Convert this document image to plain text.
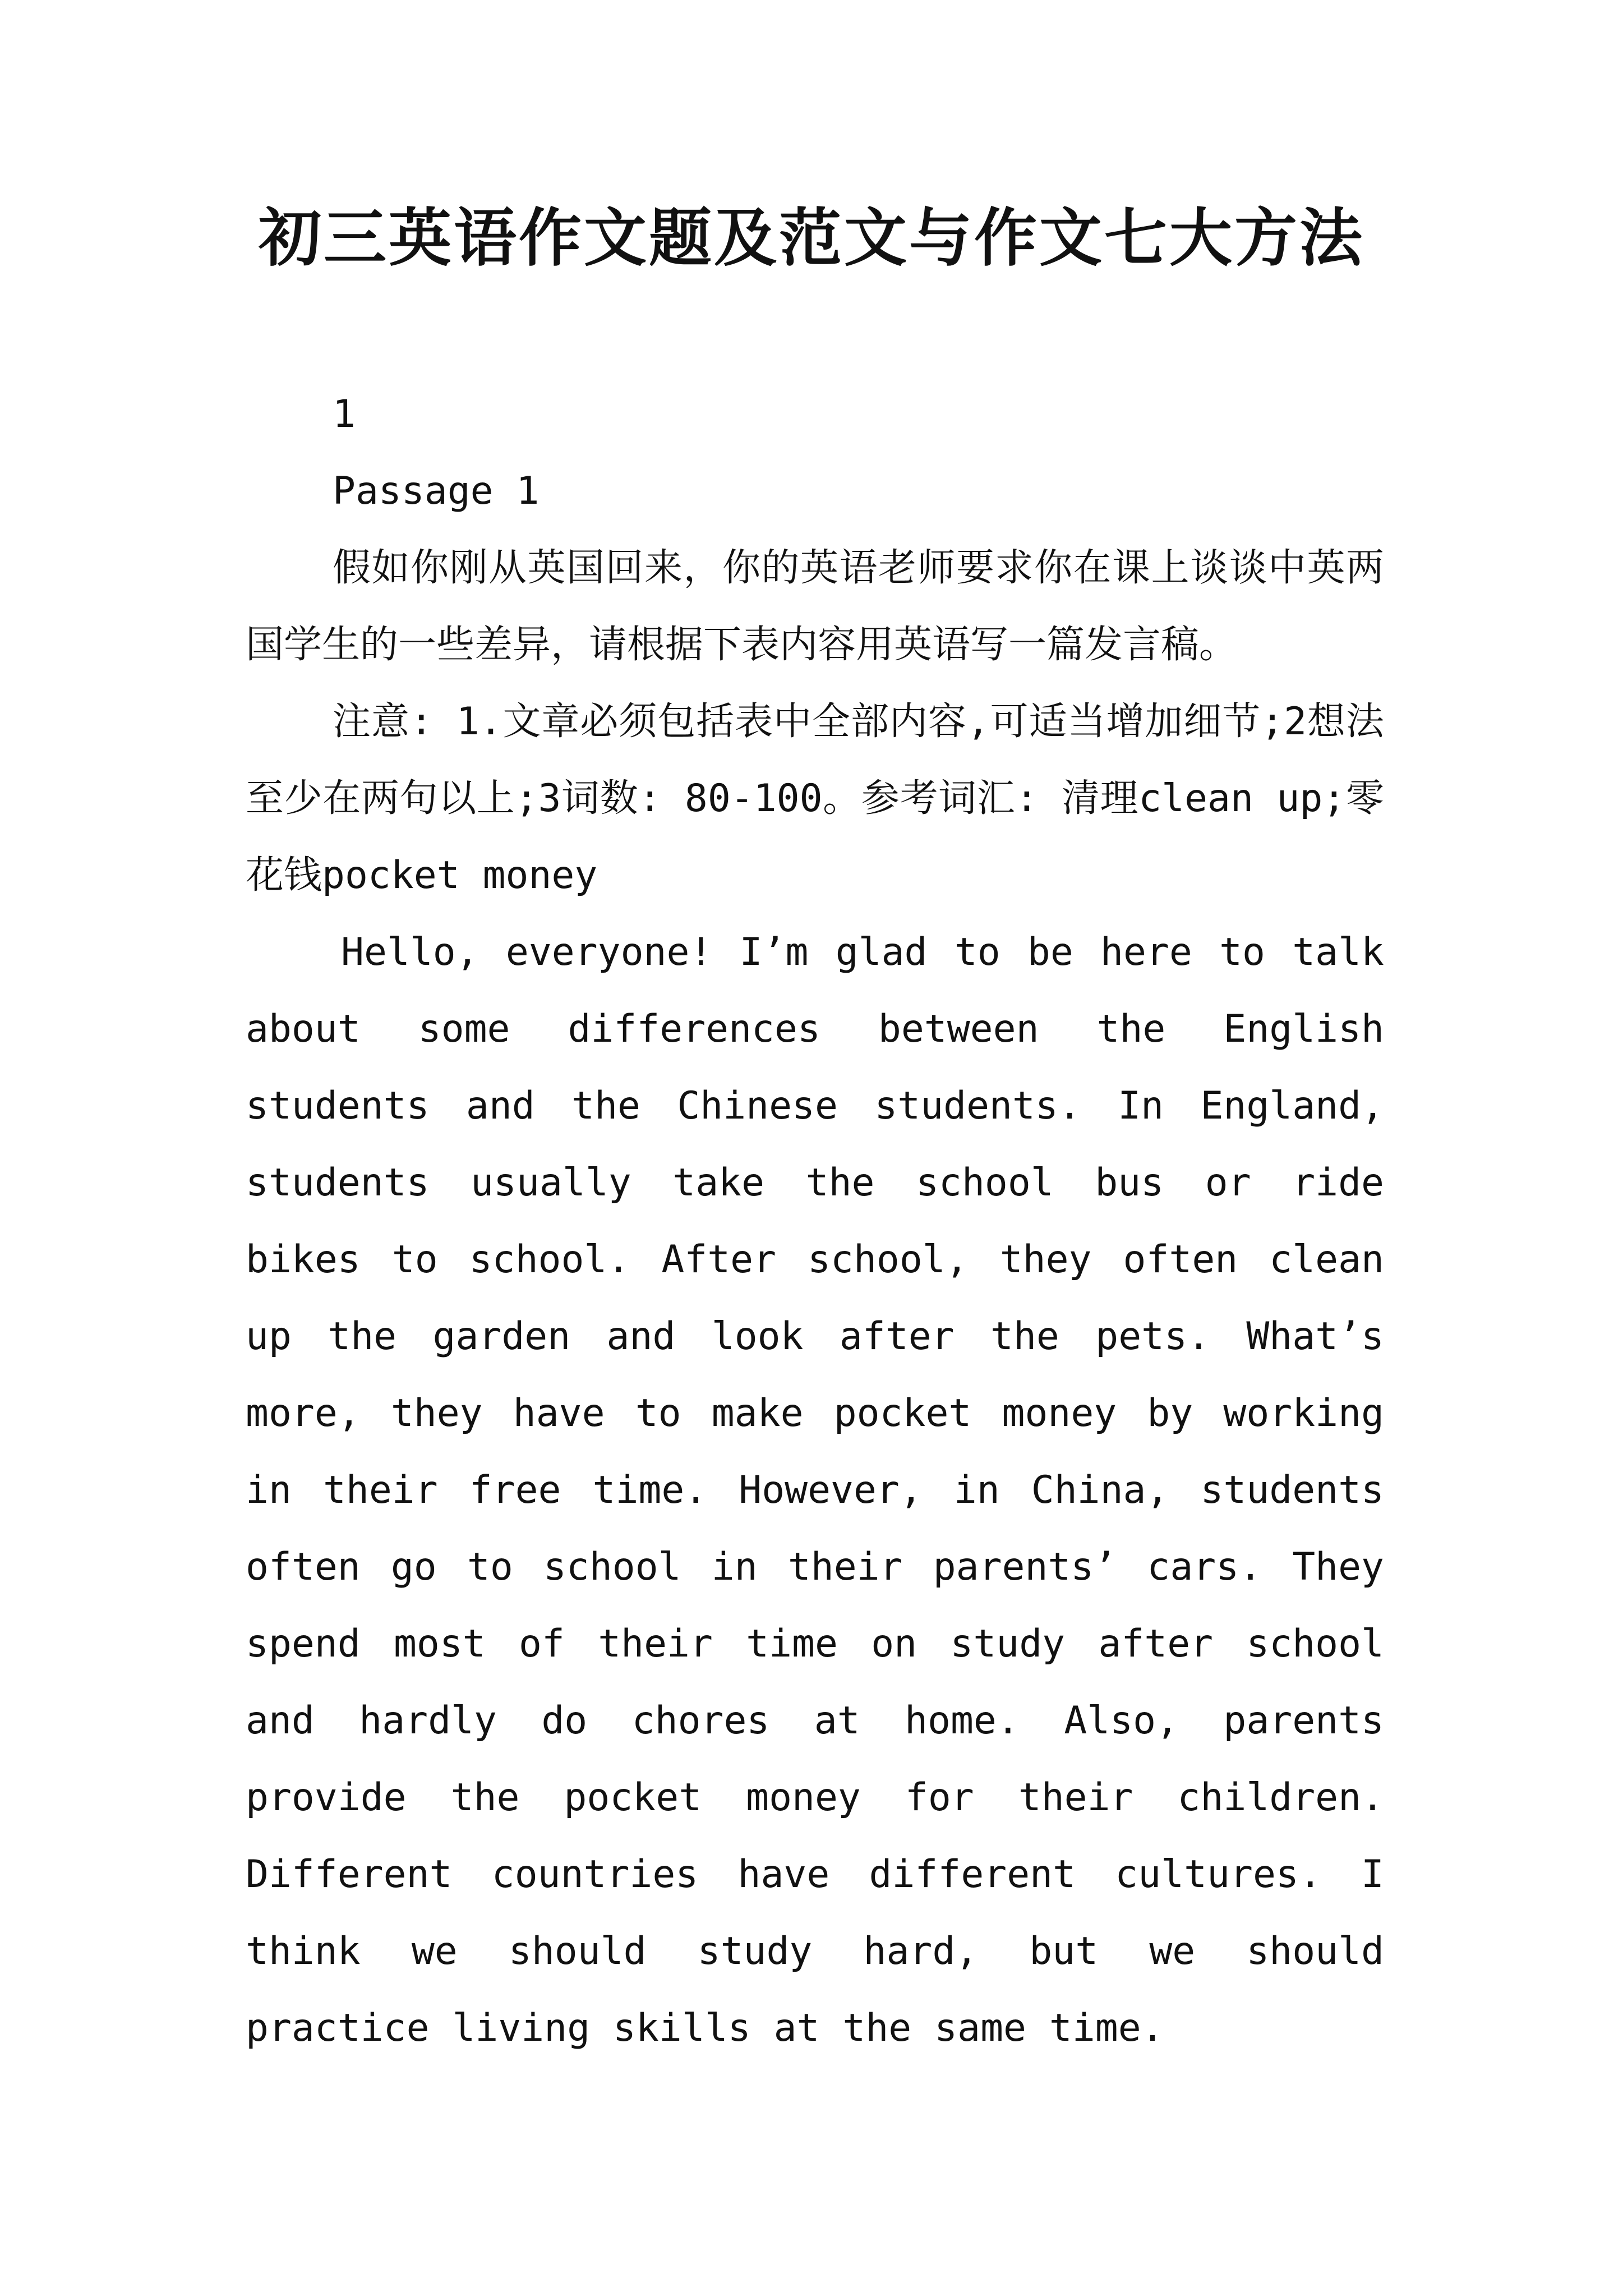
初三英语作文题及范文与作文七大方法

1

Passage 1

假如你刚从英国回来，你的英语老师要求你在课上谈谈中英两国学生的一些差异，请根据下表内容用英语写一篇发言稿。

注意: 1.文章必须包括表中全部内容,可适当增加细节;2想法至少在两句以上;3词数: 80-100。参考词汇: 清理clean up;零花钱pocket money

Hello, everyone! I’m glad to be here to talk about some differences between the English students and the Chinese students. In England, students usually take the school bus or ride bikes to school. After school, they often clean up the garden and look after the pets. What’s more, they have to make pocket money by working in their free time. However, in China, students often go to school in their parents’ cars. They spend most of their time on study after school and hardly do chores at home. Also, parents provide the pocket money for their children. Different countries have different cultures. I think we should study hard, but we should practice living skills at the same time.
